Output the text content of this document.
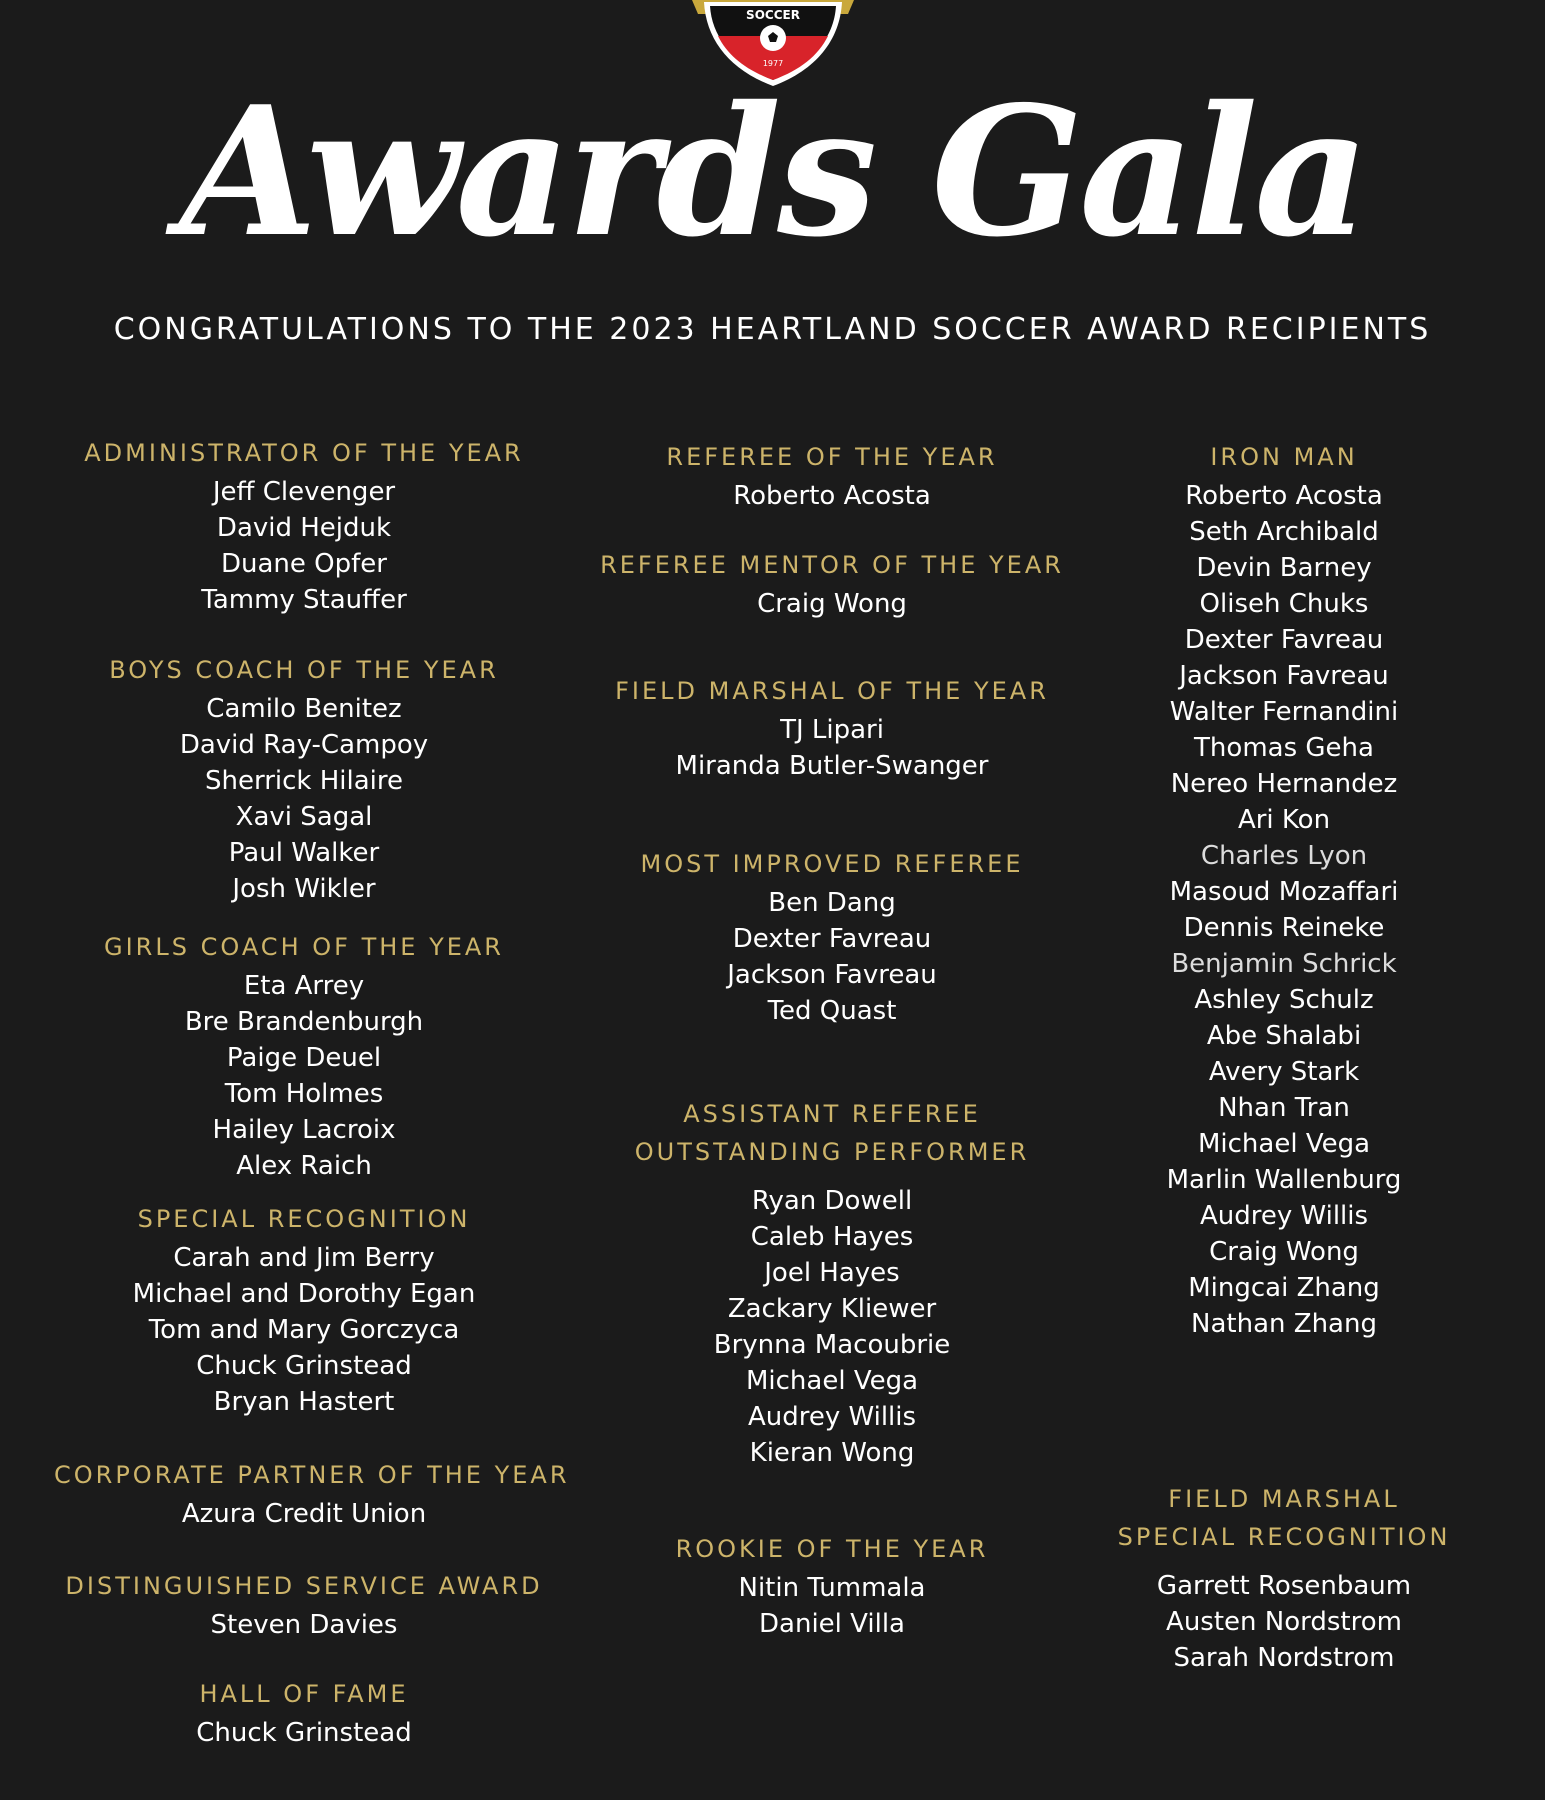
SOCCER
1977
Awards Gala
CONGRATULATIONS TO THE 2023 HEARTLAND SOCCER AWARD RECIPIENTS
ADMINISTRATOR OF THE YEAR
Jeff Clevenger
David Hejduk
Duane Opfer
Tammy Stauffer
BOYS COACH OF THE YEAR
Camilo Benitez
David Ray-Campoy
Sherrick Hilaire
Xavi Sagal
Paul Walker
Josh Wikler
GIRLS COACH OF THE YEAR
Eta Arrey
Bre Brandenburgh
Paige Deuel
Tom Holmes
Hailey Lacroix
Alex Raich
SPECIAL RECOGNITION
Carah and Jim Berry
Michael and Dorothy Egan
Tom and Mary Gorczyca
Chuck Grinstead
Bryan Hastert
CORPORATE PARTNER OF THE YEAR
Azura Credit Union
DISTINGUISHED SERVICE AWARD
Steven Davies
HALL OF FAME
Chuck Grinstead
REFEREE OF THE YEAR
Roberto Acosta
REFEREE MENTOR OF THE YEAR
Craig Wong
FIELD MARSHAL OF THE YEAR
TJ Lipari
Miranda Butler-Swanger
MOST IMPROVED REFEREE
Ben Dang
Dexter Favreau
Jackson Favreau
Ted Quast
ASSISTANT REFEREE
OUTSTANDING PERFORMER
Ryan Dowell
Caleb Hayes
Joel Hayes
Zackary Kliewer
Brynna Macoubrie
Michael Vega
Audrey Willis
Kieran Wong
ROOKIE OF THE YEAR
Nitin Tummala
Daniel Villa
IRON MAN
Roberto Acosta
Seth Archibald
Devin Barney
Oliseh Chuks
Dexter Favreau
Jackson Favreau
Walter Fernandini
Thomas Geha
Nereo Hernandez
Ari Kon
Charles Lyon
Masoud Mozaffari
Dennis Reineke
Benjamin Schrick
Ashley Schulz
Abe Shalabi
Avery Stark
Nhan Tran
Michael Vega
Marlin Wallenburg
Audrey Willis
Craig Wong
Mingcai Zhang
Nathan Zhang
FIELD MARSHAL
SPECIAL RECOGNITION
Garrett Rosenbaum
Austen Nordstrom
Sarah Nordstrom
